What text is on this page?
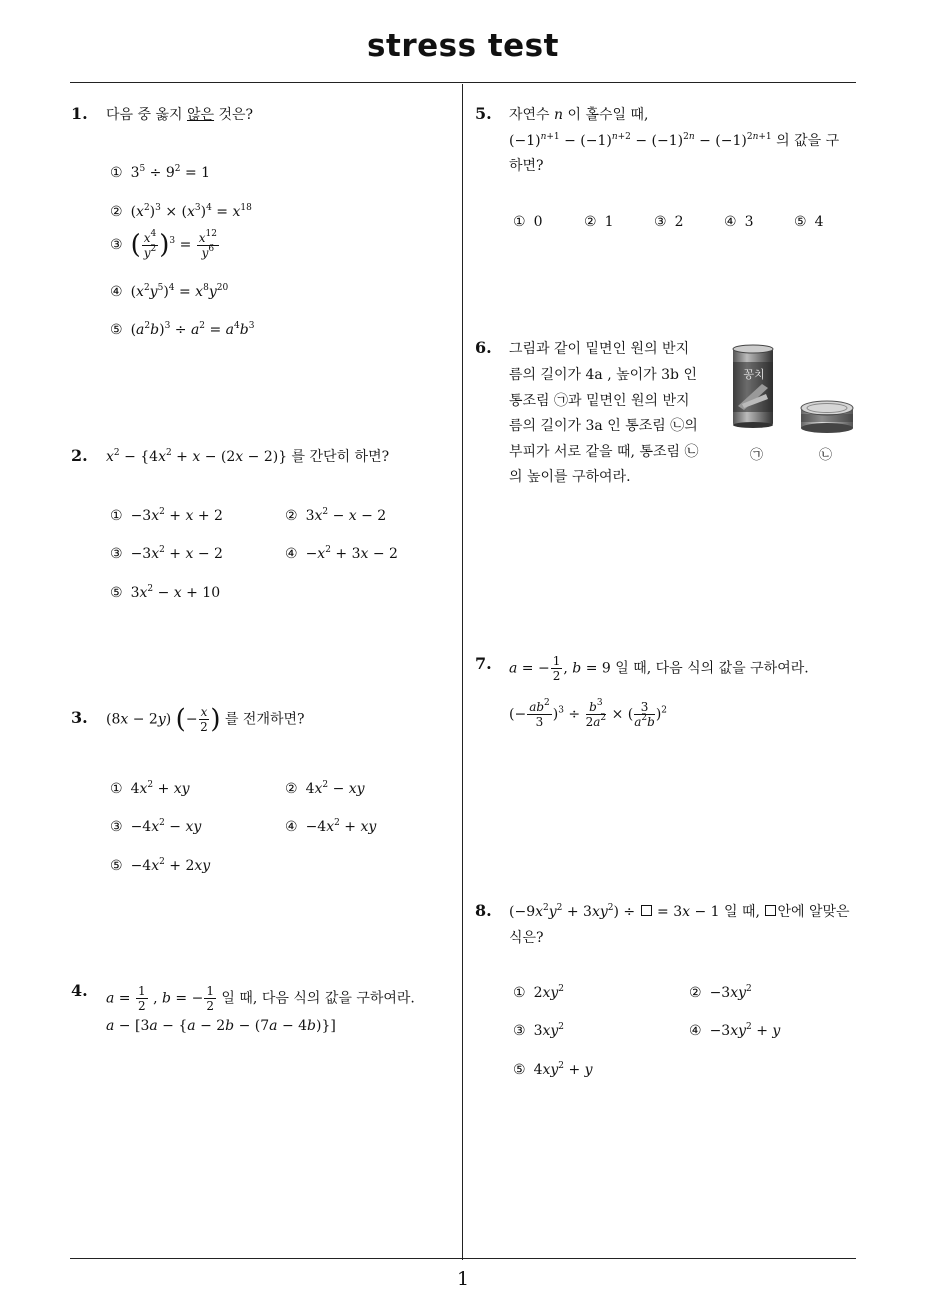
stress test
1
1. 다음 중 옳지 않은 것은?
① $3^5 \div 9^2 = 1$
② $(x^2)^3 \times (x^3)^4 = x^{18}$
③ ( $\frac{x^4}{y^2} )^3 = \frac{x^{12}}{y^6}$
④ $(x^2y^5)^4 = x^8y^{20}$
⑤ $(a^2b)^3 \div a^2 = a^4b^3$
2. $x^2 - \{4x^2 + x - (2x - 2)\}$ 를 간단히 하면?
① $-3x^2 + x + 2$	② $3x^2 - x - 2$
③ $-3x^2 + x - 2$	④ $-x^2 + 3x - 2$
⑤ $3x^2 - x + 10$
3. (8x − 2y) (− $\frac{x}{2}$ ) 를 전개하면?
① $4x^2$ + xy	② $4x^2$ − xy
③ $-4x^2$ − xy	④ $-4x^2$ + xy
⑤ $-4x^2 + 2xy$
4. $a = \frac{1}{2}$ , b = − $\frac{1}{2}$ 일 때, 다음 식의 값을 구하여라.
a − [3a − {a − 2b − (7a − 4b)}]
5. 자연수 n 이 홀수일 때,
$(-1)^{n+1} - (-1)^{n+2} - (-1)^{2n} - (-1)^{2n+1}$ 의 값을 구
하면?
① 0	② 1	③ 2	④ 3	⑤ 4
6. 그림과 같이 밑면인 원의 반지
름의 길이가 4a , 높이가 3b 인
통조림 ㉠과 밑면인 원의 반지
름의 길이가 3a 인 통조림 ㉡의
부피가 서로 같을 때, 통조림 ㉡
의 높이를 구하여라.
꽁치
㉠	㉡
7. a = − $\frac{1}{2}$ , b = 9 일 때, 다음 식의 값을 구하여라.
(− $\frac{ab^2}{3} )^3 \div \frac{b^3}{2a^2}$ × ( $\frac{3}{a^2b} )^2$
8. $(-9x^2y^2 + 3xy^2)$ ÷  = 3x − 1 일 때, 안에 알맞은
식은?
① $2xy^2$	② $-3xy^2$
③ $3xy^2$	④ $-3xy^2 + y$
⑤ $4xy^2 + y$
